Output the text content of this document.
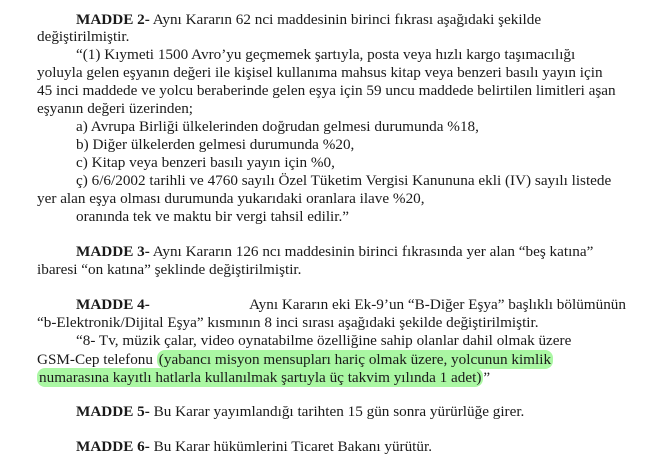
MADDE 2- Aynı Kararın 62 nci maddesinin birinci fıkrası aşağıdaki şekilde
değiştirilmiştir.
“(1) Kıymeti 1500 Avro’yu geçmemek şartıyla, posta veya hızlı kargo taşımacılığı
yoluyla gelen eşyanın değeri ile kişisel kullanıma mahsus kitap veya benzeri basılı yayın için
45 inci maddede ve yolcu beraberinde gelen eşya için 59 uncu maddede belirtilen limitleri aşan
eşyanın değeri üzerinden;
a) Avrupa Birliği ülkelerinden doğrudan gelmesi durumunda %18,
b) Diğer ülkelerden gelmesi durumunda %20,
c) Kitap veya benzeri basılı yayın için %0,
ç) 6/6/2002 tarihli ve 4760 sayılı Özel Tüketim Vergisi Kanununa ekli (IV) sayılı listede
yer alan eşya olması durumunda yukarıdaki oranlara ilave %20,
oranında tek ve maktu bir vergi tahsil edilir.”
MADDE 3- Aynı Kararın 126 ncı maddesinin birinci fıkrasında yer alan “beş katına”
ibaresi “on katına” şeklinde değiştirilmiştir.
MADDE 4-	Aynı Kararın eki Ek-9’un “B-Diğer Eşya” başlıklı bölümünün
“b-Elektronik/Dijital Eşya” kısmının 8 inci sırası aşağıdaki şekilde değiştirilmiştir.
“8- Tv, müzik çalar, video oynatabilme özelliğine sahip olanlar dahil olmak üzere
GSM-Cep telefonu (yabancı misyon mensupları hariç olmak üzere, yolcunun kimlik
numarasına kayıtlı hatlarla kullanılmak şartıyla üç takvim yılında 1 adet) ”
MADDE 5- Bu Karar yayımlandığı tarihten 15 gün sonra yürürlüğe girer.
MADDE 6- Bu Karar hükümlerini Ticaret Bakanı yürütür.
